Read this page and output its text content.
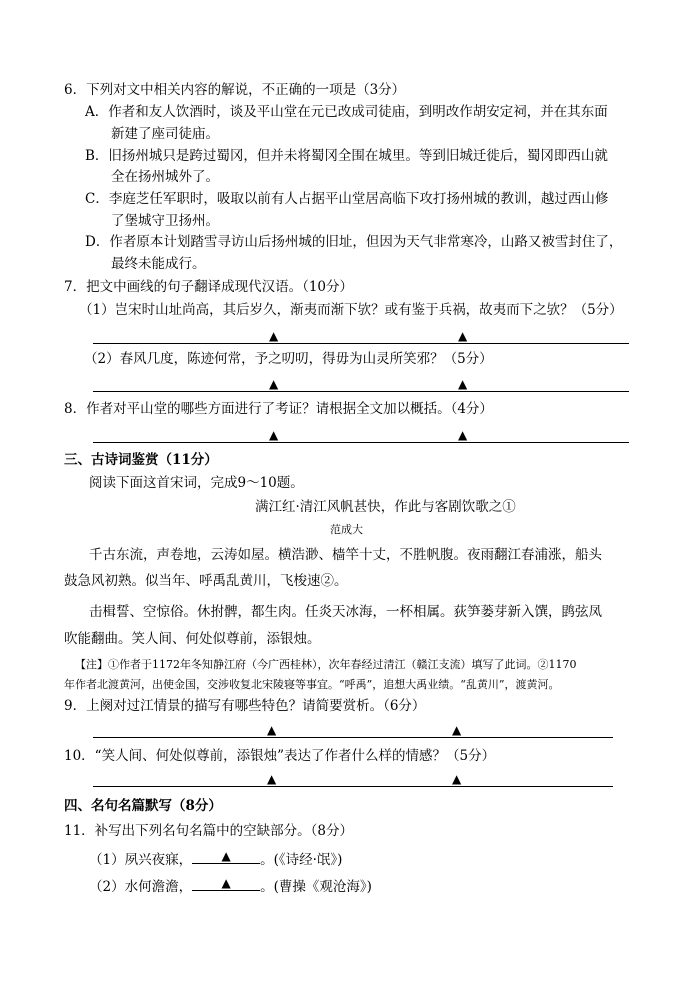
6．下列对文中相关内容的解说，不正确的一项是（3分）
A．作者和友人饮酒时，谈及平山堂在元已改成司徒庙，到明改作胡安定祠，并在其东面
新建了座司徒庙。
B．旧扬州城只是跨过蜀冈，但并未将蜀冈全围在城里。等到旧城迁徙后，蜀冈即西山就
全在扬州城外了。
C．李庭芝任军职时，吸取以前有人占据平山堂居高临下攻打扬州城的教训，越过西山修
了堡城守卫扬州。
D．作者原本计划踏雪寻访山后扬州城的旧址，但因为天气非常寒冷，山路又被雪封住了，
最终未能成行。
7．把文中画线的句子翻译成现代汉语。（10分）
（1）岂宋时山址尚高，其后岁久，渐夷而渐下欤？或有鉴于兵祸，故夷而下之欤？（5分）
▲	▲
（2）春风几度，陈迹何常，予之叨叨，得毋为山灵所笑邪？（5分）
▲	▲
8．作者对平山堂的哪些方面进行了考证？请根据全文加以概括。（4分）
▲	▲
三、古诗词鉴赏（11分）
阅读下面这首宋词，完成9～10题。
满江红·清江风帆甚快，作此与客剧饮歌之①
范成大
千古东流，声卷地，云涛如屋。横浩渺、樯竿十丈，不胜帆腹。夜雨翻江春浦涨，船头
鼓急风初熟。似当年、呼禹乱黄川，飞梭速②。
击楫誓、空惊俗。休拊髀，都生肉。任炎天冰海，一杯相属。荻笋蒌芽新入馔，鹍弦凤
吹能翻曲。笑人间、何处似尊前，添银烛。
【注】①作者于1172年冬知静江府（今广西桂林），次年春经过清江（赣江支流）填写了此词。②1170
年作者北渡黄河，出使金国，交涉收复北宋陵寝等事宜。“呼禹”，追想大禹业绩。“乱黄川”，渡黄河。
9．上阕对过江情景的描写有哪些特色？请简要赏析。（6分）
▲	▲
10．“笑人间、何处似尊前，添银烛”表达了作者什么样的情感？（5分）
▲	▲
四、名句名篇默写（8分）
11．补写出下列名句名篇中的空缺部分。（8分）
（1）夙兴夜寐，	▲	。(《诗经·氓》)
（2）水何澹澹，	▲	。(曹操《观沧海》)
